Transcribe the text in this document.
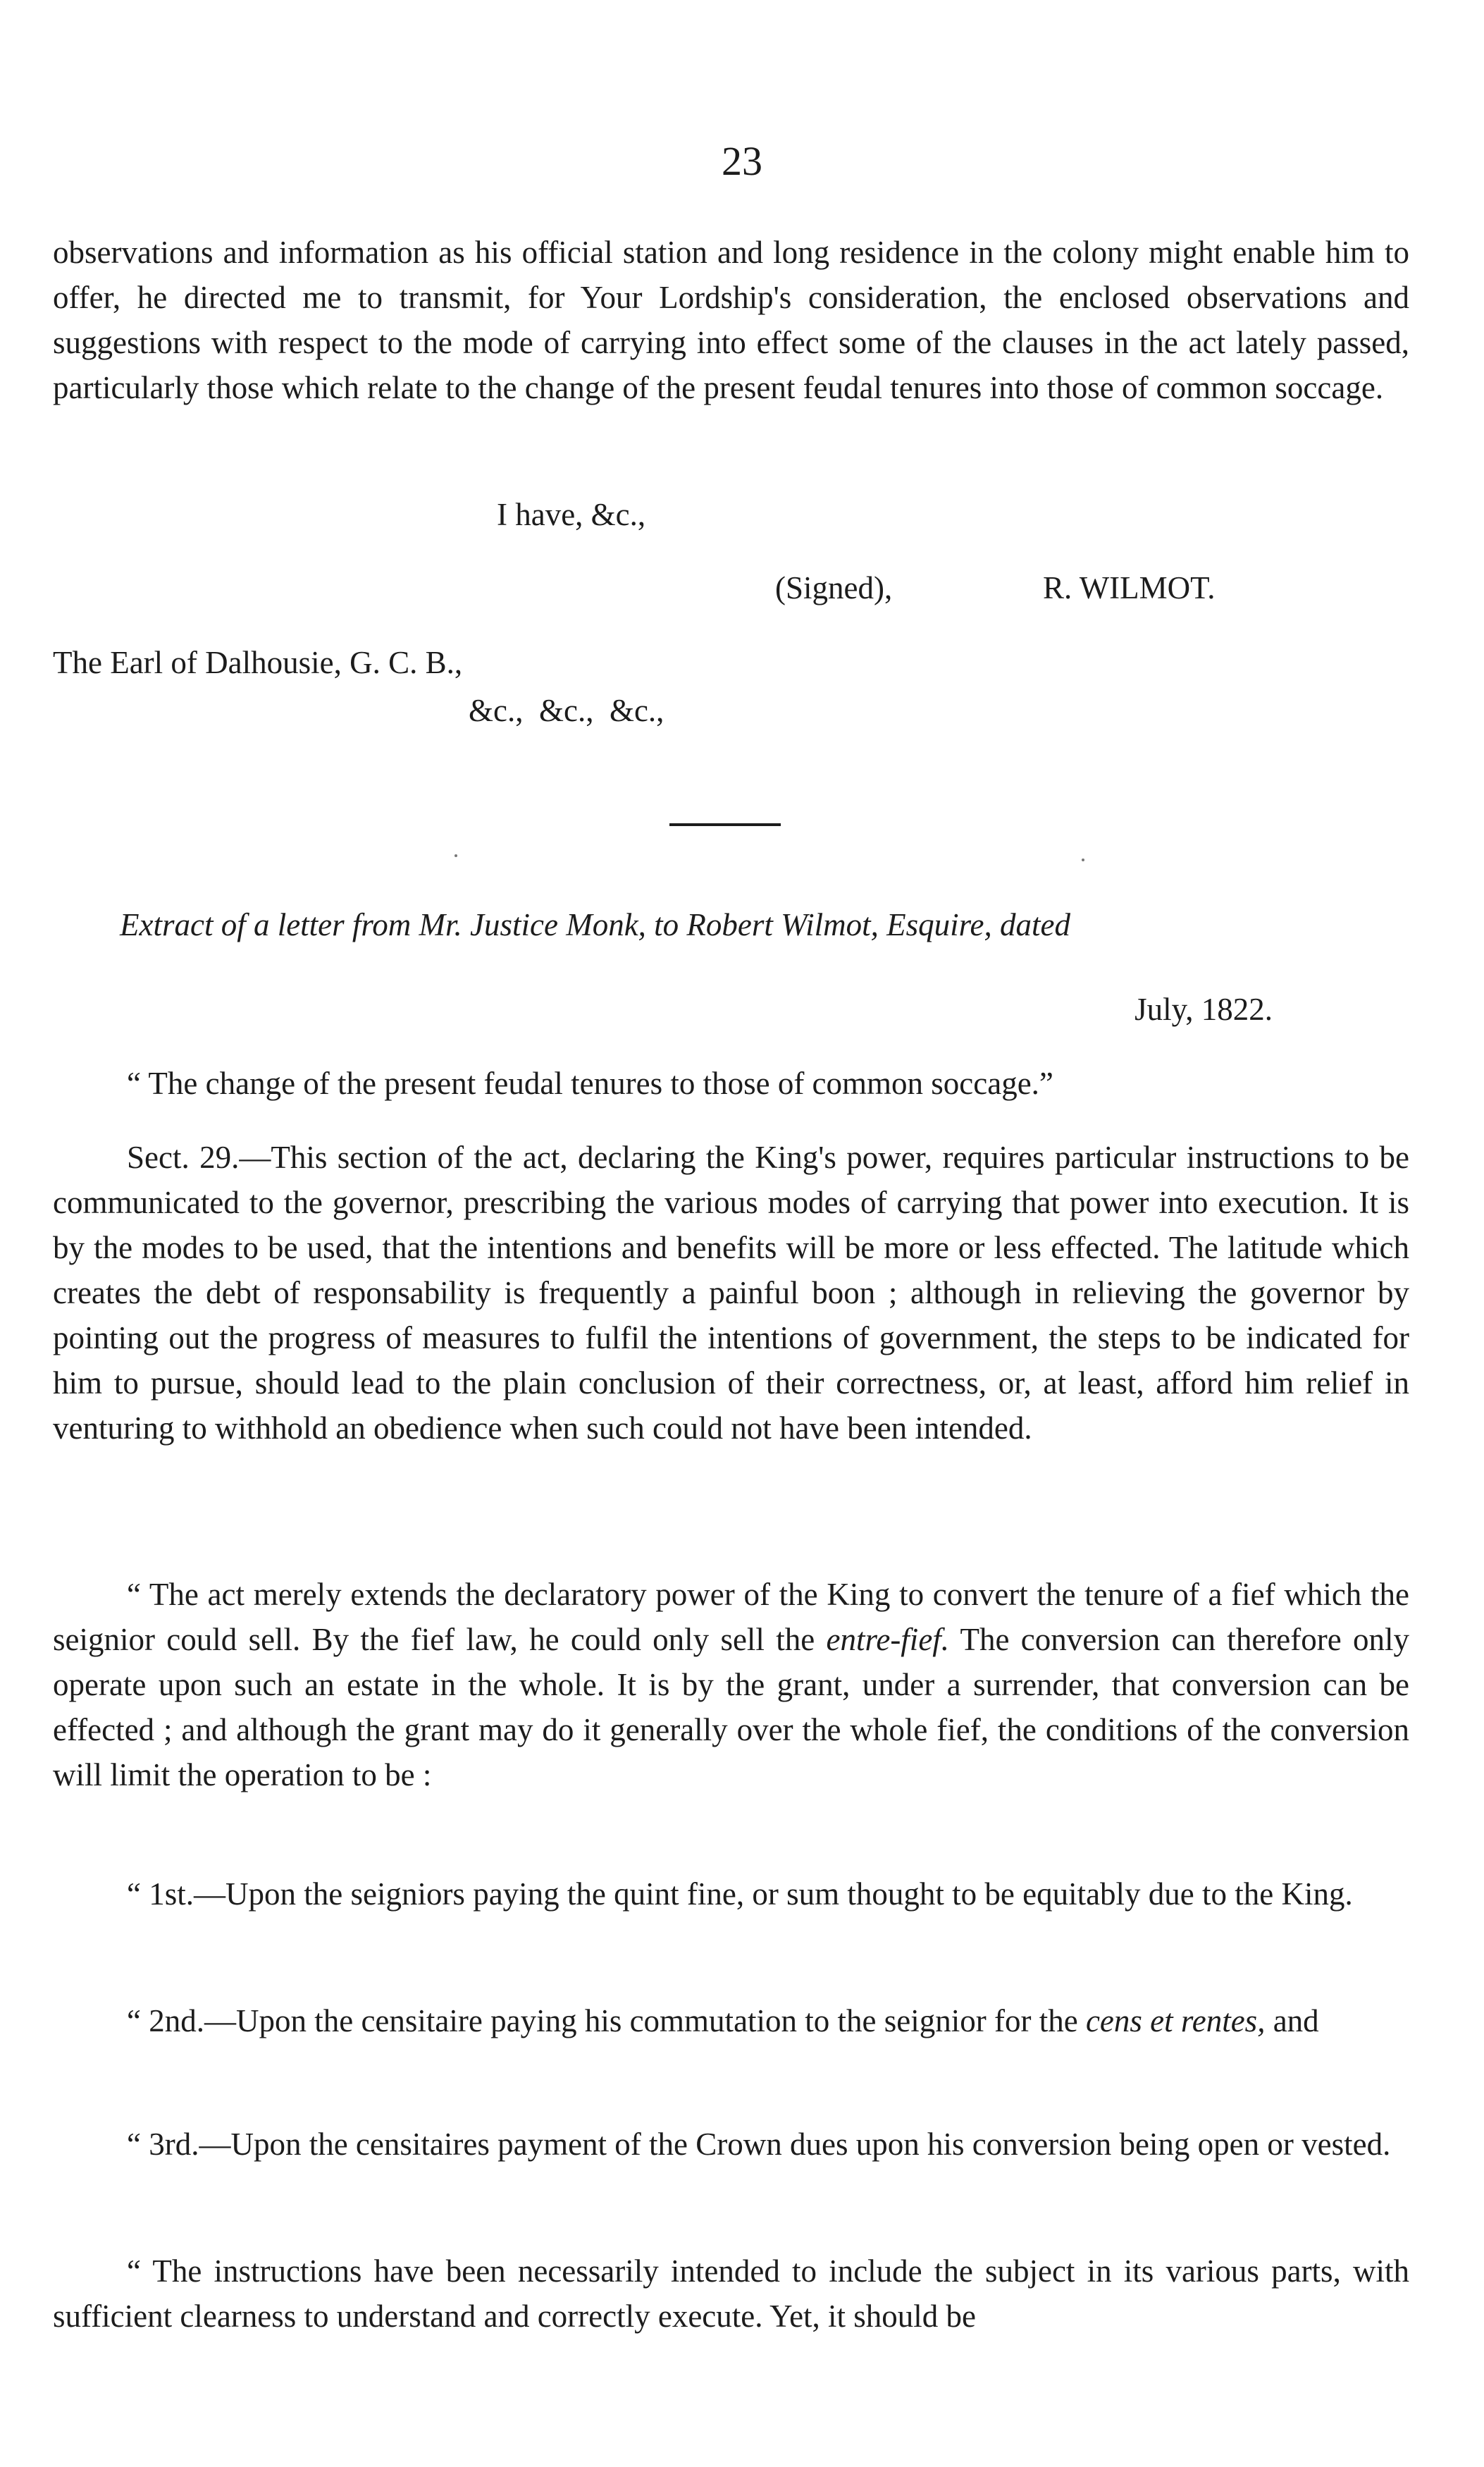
23

observations and information as his official station and long residence in the colony might enable him to offer, he directed me to transmit, for Your Lordship's consideration, the enclosed observations and suggestions with respect to the mode of carrying into effect some of the clauses in the act lately passed, particularly those which relate to the change of the present feudal tenures into those of common soccage.

I have, &c.,
(Signed),	R. WILMOT.
The Earl of Dalhousie, G. C. B.,
&c.,  &c.,  &c.,
Extract of a letter from Mr. Justice Monk, to Robert Wilmot, Esquire, dated
July, 1822.

“ The change of the present feudal tenures to those of common soccage.”

Sect. 29.—This section of the act, declaring the King's power, requires particular instructions to be communicated to the governor, prescribing the various modes of carrying that power into execution. It is by the modes to be used, that the intentions and benefits will be more or less effected. The latitude which creates the debt of responsability is frequently a painful boon ; although in relieving the governor by pointing out the progress of measures to fulfil the intentions of government, the steps to be indicated for him to pursue, should lead to the plain conclusion of their correctness, or, at least, afford him relief in venturing to withhold an obedience when such could not have been intended.

“ The act merely extends the declaratory power of the King to convert the tenure of a fief which the seignior could sell. By the fief law, he could only sell the entre-fief. The conversion can therefore only operate upon such an estate in the whole. It is by the grant, under a surrender, that conversion can be effected ; and although the grant may do it generally over the whole fief, the conditions of the conversion will limit the operation to be :

“ 1st.—Upon the seigniors paying the quint fine, or sum thought to be equitably due to the King.

“ 2nd.—Upon the censitaire paying his commutation to the seignior for the cens et rentes, and

“ 3rd.—Upon the censitaires payment of the Crown dues upon his conversion being open or vested.

“ The instructions have been necessarily intended to include the subject in its various parts, with sufficient clearness to understand and correctly execute. Yet, it should be
